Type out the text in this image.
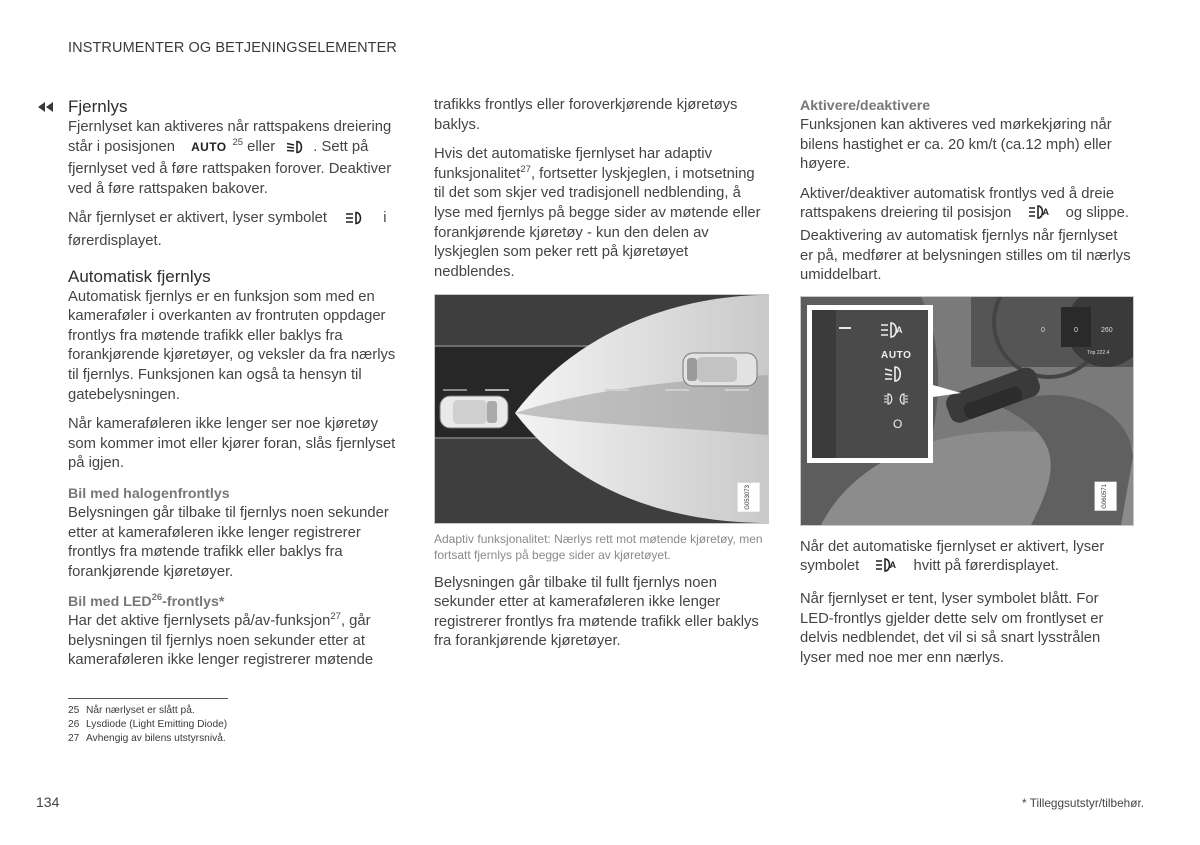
INSTRUMENTER OG BETJENINGSELEMENTER
Fjernlys

Fjernlyset kan aktiveres når rattspakens dreiering står i posisjonen AUTO $^{25}$ eller	. Sett på fjernlyset ved å føre rattspaken forover. Deaktiver ved å føre rattspaken bakover.

Når fjernlyset er aktivert, lyser symbolet	i førerdisplayet.

Automatisk fjernlys

Automatisk fjernlys er en funksjon som med en kameraføler i overkanten av frontruten oppdager frontlys fra møtende trafikk eller baklys fra forankjørende kjøretøyer, og veksler da fra nærlys til fjernlys. Funksjonen kan også ta hensyn til gatebelysningen.

Når kameraføleren ikke lenger ser noe kjøretøy som kommer imot eller kjører foran, slås fjernlyset på igjen.

Bil med halogenfrontlys

Belysningen går tilbake til fjernlys noen sekunder etter at kameraføleren ikke lenger registrerer frontlys fra møtende trafikk eller baklys fra forankjørende kjøretøyer.

Bil med LED$^{26}$-frontlys*

Har det aktive fjernlysets på/av-funksjon$^{27}$, går belysningen til fjernlys noen sekunder etter at kameraføleren ikke lenger registrerer møtende

trafikks frontlys eller foroverkjørende kjøretøys baklys.

Hvis det automatiske fjernlyset har adaptiv funksjonalitet$^{27}$, fortsetter lyskjeglen, i motsetning til det som skjer ved tradisjonell nedblending, å lyse med fjernlys på begge sider av møtende eller forankjørende kjøretøy - kun den delen av lyskjeglen som peker rett på kjøretøyet nedblendes.

G053073

Adaptiv funksjonalitet: Nærlys rett mot møtende kjøretøy, men fortsatt fjernlys på begge sider av kjøretøyet.

Belysningen går tilbake til fullt fjernlys noen sekunder etter at kameraføleren ikke lenger registrerer frontlys fra møtende trafikk eller baklys fra forankjørende kjøretøyer.

Aktivere/deaktivere

Funksjonen kan aktiveres ved mørkekjøring når bilens hastighet er ca. 20 km/t (ca.12 mph) eller høyere.

Aktiver/deaktiver automatisk frontlys ved å dreie rattspakens dreiering til posisjon	A og slippe. Deaktivering av automatisk fjernlys når fjernlyset er på, medfører at belysningen stilles om til nærlys umiddelbart.

A
AUTO
O
0	0	260
Trip 222.4
G060571

Når det automatiske fjernlyset er aktivert, lyser symbolet	A hvitt på førerdisplayet.

Når fjernlyset er tent, lyser symbolet blått. For LED-frontlys gjelder dette selv om frontlyset er delvis nedblendet, det vil si så snart lysstrålen lyser med noe mer enn nærlys.

25 Når nærlyset er slått på.
26 Lysdiode (Light Emitting Diode)
27 Avhengig av bilens utstyrsnivå.
134	* Tilleggsutstyr/tilbehør.
